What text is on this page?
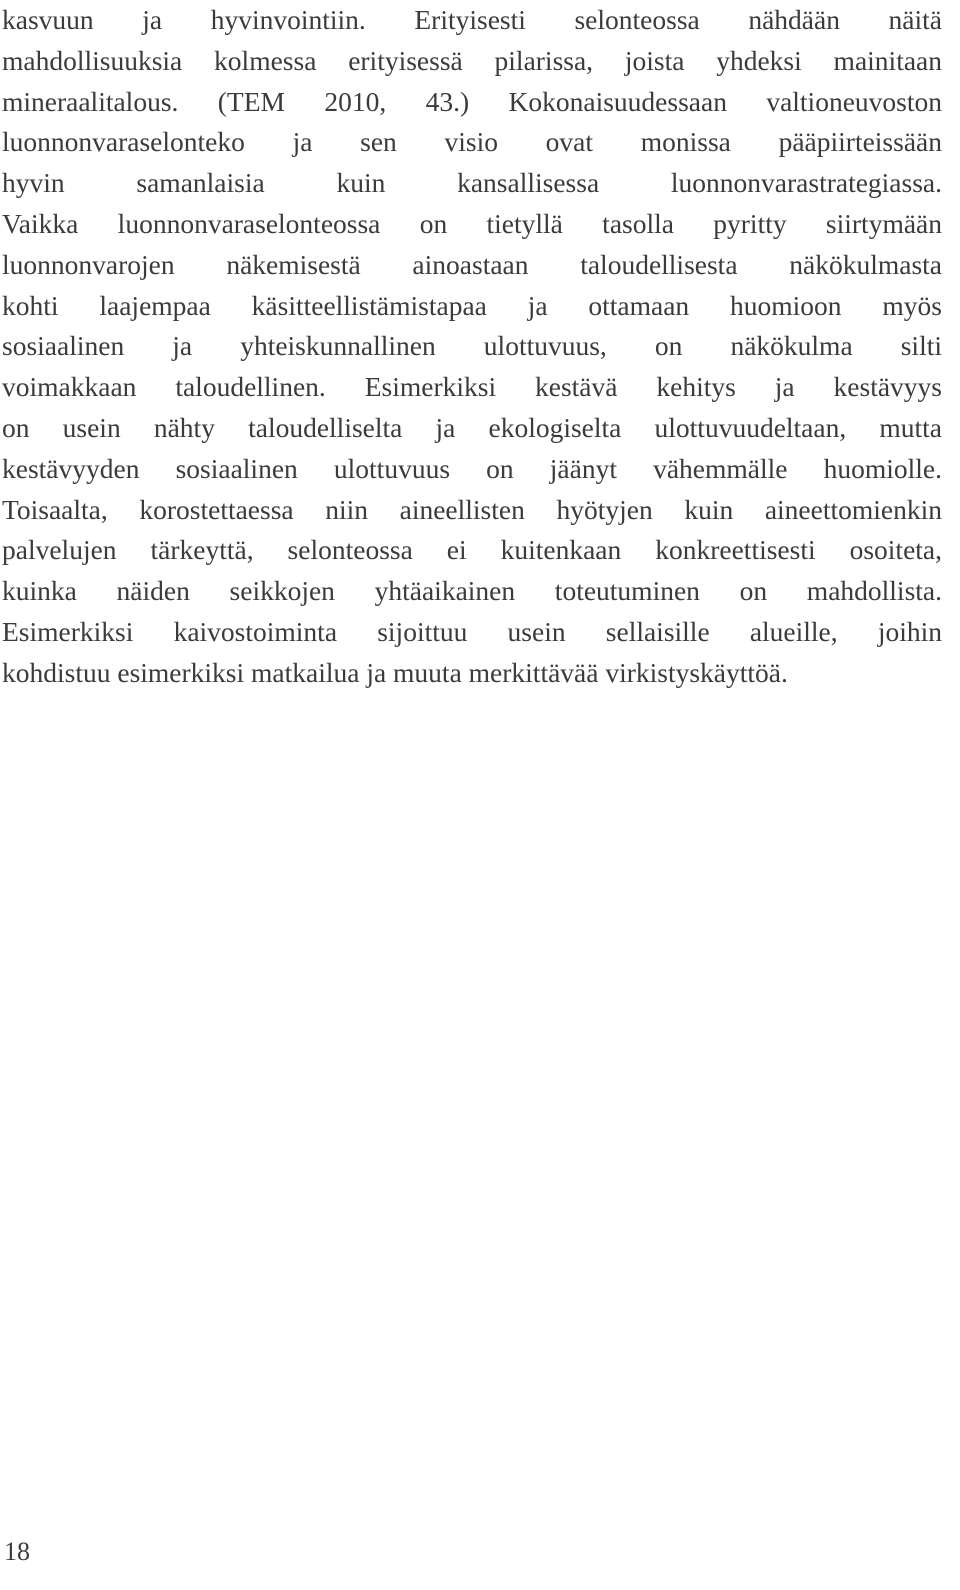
kasvuun ja hyvinvointiin. Erityisesti selonteossa nähdään näitä
mahdollisuuksia kolmessa erityisessä pilarissa, joista yhdeksi mainitaan
mineraalitalous. (TEM 2010, 43.) Kokonaisuudessaan valtioneuvoston
luonnonvaraselonteko ja sen visio ovat monissa pääpiirteissään
hyvin samanlaisia kuin kansallisessa luonnonvarastrategiassa.
Vaikka luonnonvaraselonteossa on tietyllä tasolla pyritty siirtymään
luonnonvarojen näkemisestä ainoastaan taloudellisesta näkökulmasta
kohti laajempaa käsitteellistämistapaa ja ottamaan huomioon myös
sosiaalinen ja yhteiskunnallinen ulottuvuus, on näkökulma silti
voimakkaan taloudellinen. Esimerkiksi kestävä kehitys ja kestävyys
on usein nähty taloudelliselta ja ekologiselta ulottuvuudeltaan, mutta
kestävyyden sosiaalinen ulottuvuus on jäänyt vähemmälle huomiolle.
Toisaalta, korostettaessa niin aineellisten hyötyjen kuin aineettomienkin
palvelujen tärkeyttä, selonteossa ei kuitenkaan konkreettisesti osoiteta,
kuinka näiden seikkojen yhtäaikainen toteutuminen on mahdollista.
Esimerkiksi kaivostoiminta sijoittuu usein sellaisille alueille, joihin
kohdistuu esimerkiksi matkailua ja muuta merkittävää virkistyskäyttöä.
18
